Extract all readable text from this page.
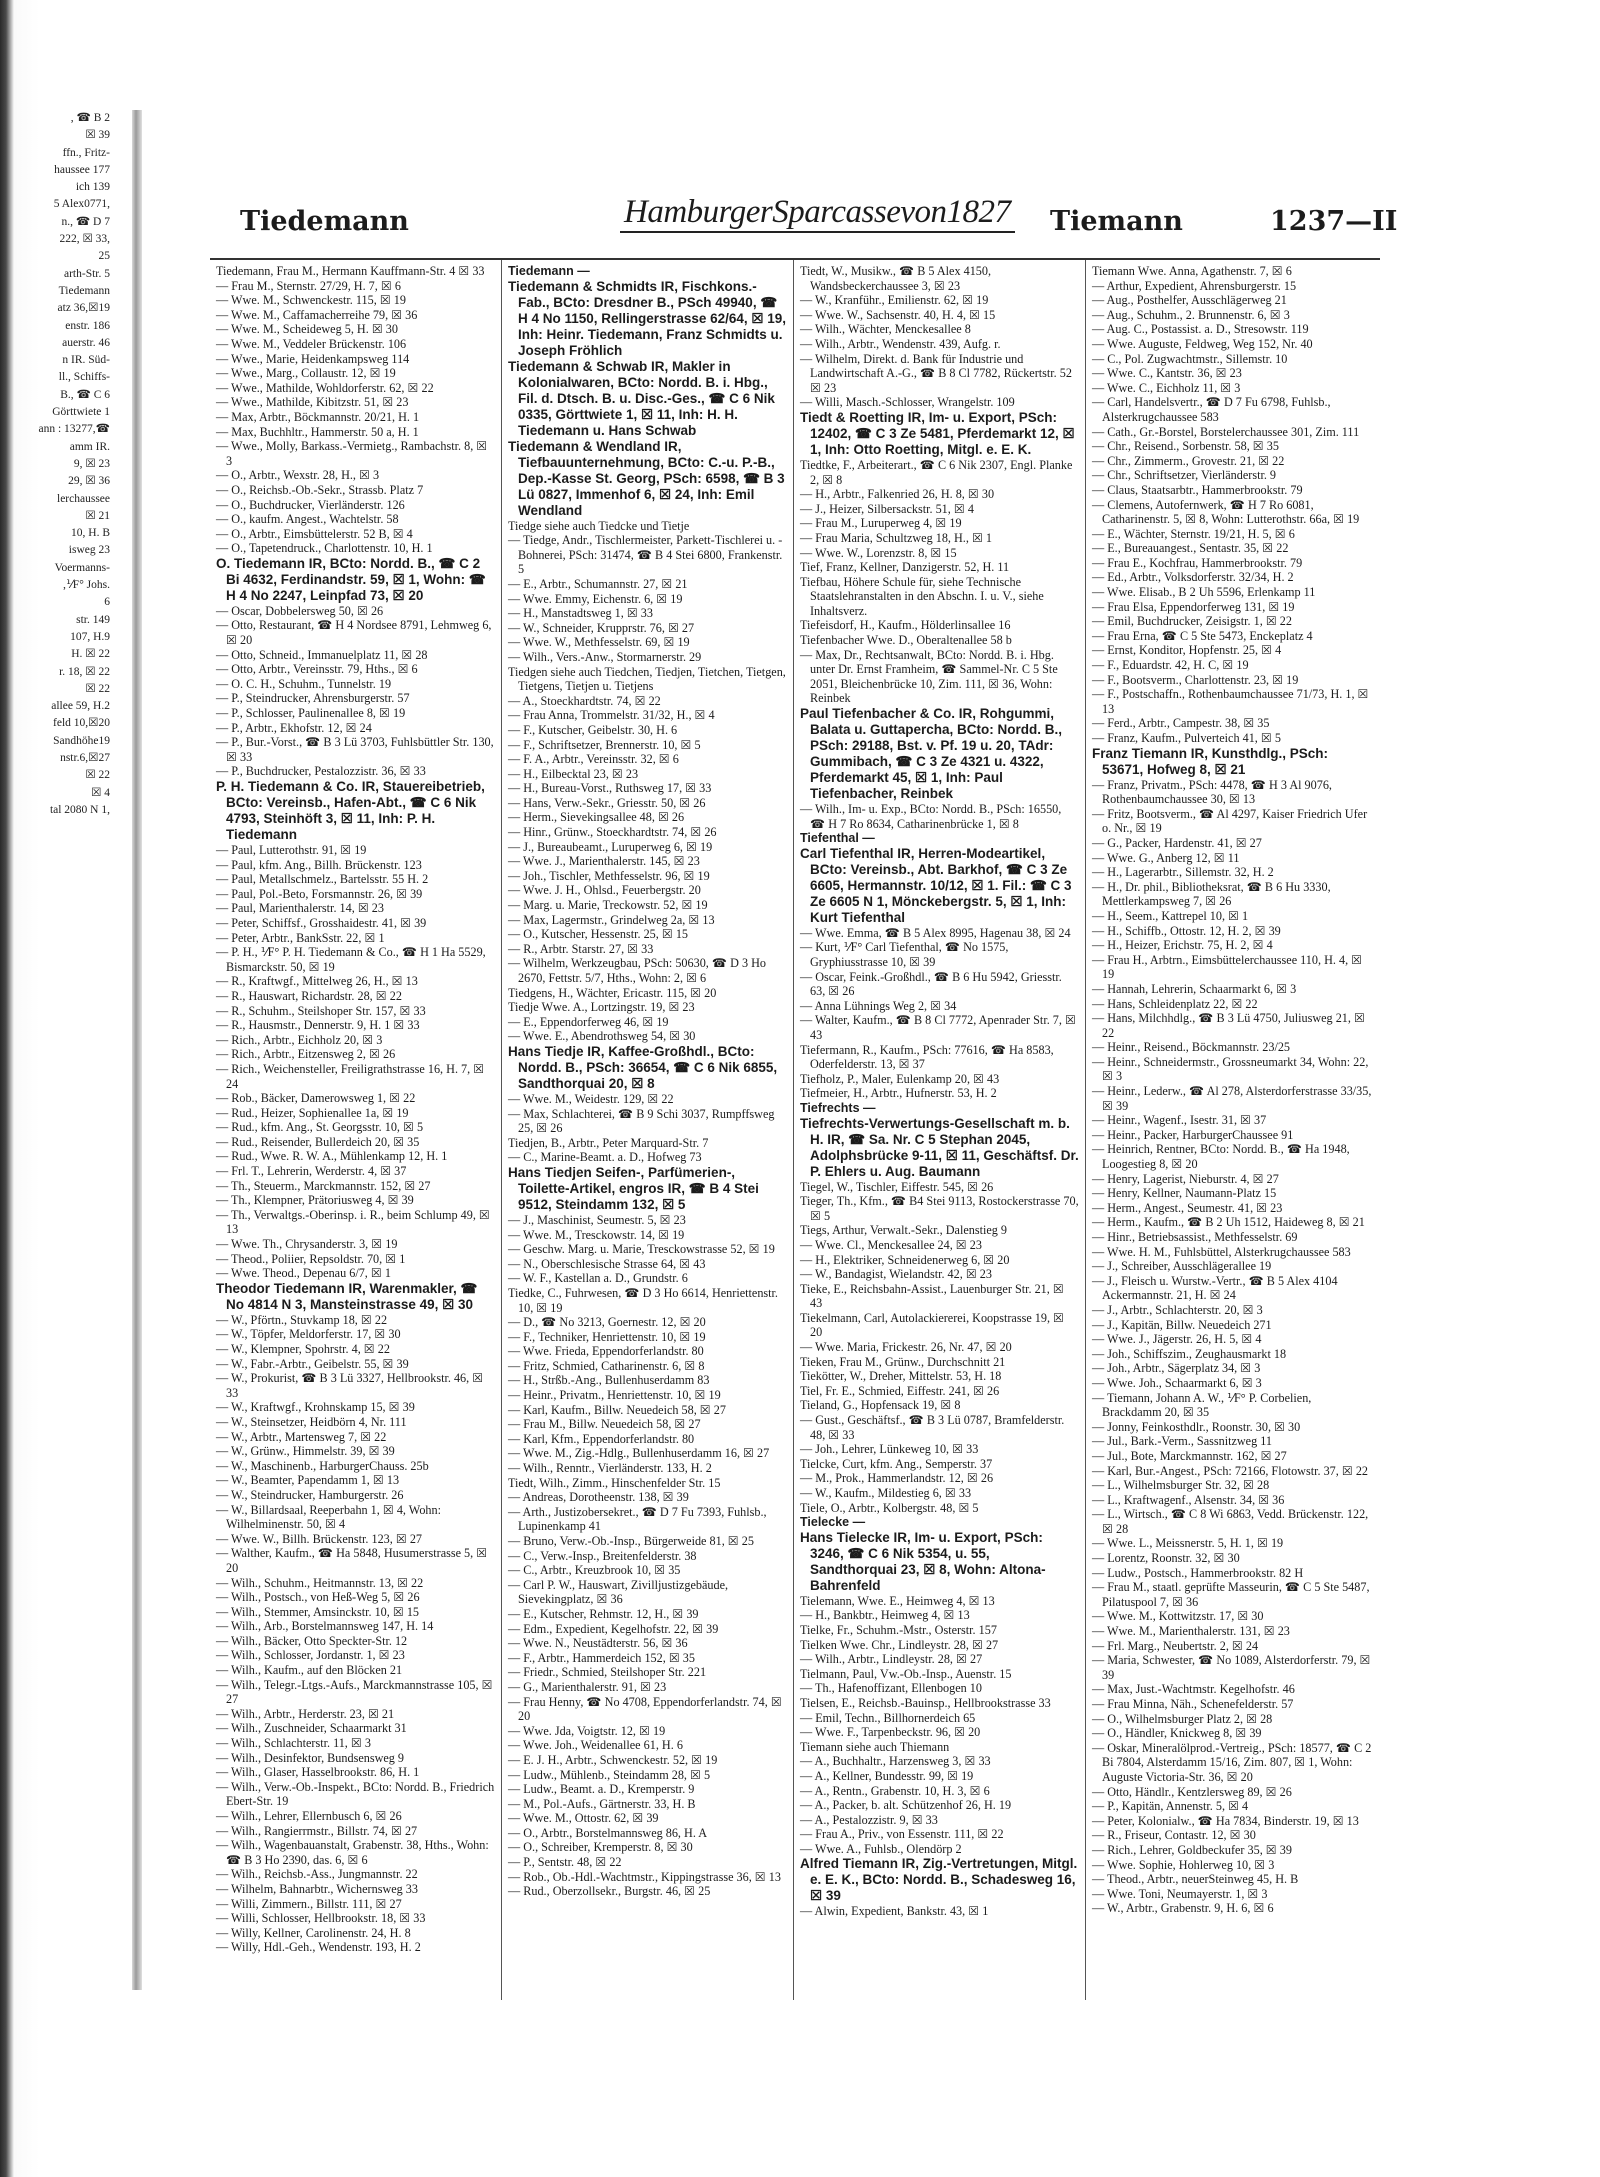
, ☎ B 2
☒ 39
ffn., Fritz-
haussee 177
ich 139
5 Alex0771,
n., ☎ D 7
222, ☒ 33,
25
arth-Str. 5
Tiedemann
atz 36,☒19
enstr. 186
auerstr. 46
n IR. Süd-
ll., Schiffs-
B., ☎ C 6
Görttwiete 1
ann : 13277,☎
amm IR.
9, ☒ 23
29, ☒ 36
lerchaussee
☒ 21
10, H. B
isweg 23
Voermanns-
‚⅟F° Johs.
6
str. 149
107, H.9
H. ☒ 22
r. 18, ☒ 22
☒ 22
allee 59, H.2
feld 10,☒20
Sandhöhe19
nstr.6,☒27
☒ 22
☒ 4
tal 2080 N 1,
Tiedemann	HamburgerSparcassevon1827 Tiemann	1237—II

Tiedemann, Frau M., Hermann Kauffmann-Str. 4 ☒ 33

— Frau M., Sternstr. 27/29, H. 7, ☒ 6

— Wwe. M., Schwenckestr. 115, ☒ 19

— Wwe. M., Caffamacherreihe 79, ☒ 36

— Wwe. M., Scheideweg 5, H. ☒ 30

— Wwe. M., Veddeler Brückenstr. 106

— Wwe., Marie, Heidenkampsweg 114

— Wwe., Marg., Collaustr. 12, ☒ 19

— Wwe., Mathilde, Wohldorferstr. 62, ☒ 22

— Wwe., Mathilde, Kibitzstr. 51, ☒ 23

— Max, Arbtr., Böckmannstr. 20/21, H. 1

— Max, Buchhltr., Hammerstr. 50 a, H. 1

— Wwe., Molly, Barkass.-Vermietg., Rambachstr. 8, ☒ 3

— O., Arbtr., Wexstr. 28, H., ☒ 3

— O., Reichsb.-Ob.-Sekr., Strassb. Platz 7

— O., Buchdrucker, Vierländerstr. 126

— O., kaufm. Angest., Wachtelstr. 58

— O., Arbtr., Eimsbüttelerstr. 52 B, ☒ 4

— O., Tapetendruck., Charlottenstr. 10, H. 1

O. Tiedemann IR, BCto: Nordd. B., ☎ C 2 Bi 4632, Ferdinandstr. 59, ☒ 1, Wohn: ☎ H 4 No 2247, Leinpfad 73, ☒ 20

— Oscar, Dobbelersweg 50, ☒ 26

— Otto, Restaurant, ☎ H 4 Nordsee 8791, Lehmweg 6, ☒ 20

— Otto, Schneid., Immanuelplatz 11, ☒ 28

— Otto, Arbtr., Vereinsstr. 79, Hths., ☒ 6

— O. C. H., Schuhm., Tunnelstr. 19

— P., Steindrucker, Ahrensburgerstr. 57

— P., Schlosser, Paulinenallee 8, ☒ 19

— P., Arbtr., Ekhofstr. 12, ☒ 24

— P., Bur.-Vorst., ☎ B 3 Lü 3703, Fuhlsbüttler Str. 130, ☒ 33

— P., Buchdrucker, Pestalozzistr. 36, ☒ 33

P. H. Tiedemann & Co. IR, Stauereibetrieb, BCto: Vereinsb., Hafen-Abt., ☎ C 6 Nik 4793, Steinhöft 3, ☒ 11, Inh: P. H. Tiedemann

— Paul, Lutterothstr. 91, ☒ 19

— Paul, kfm. Ang., Billh. Brückenstr. 123

— Paul, Metallschmelz., Bartelsstr. 55 H. 2

— Paul, Pol.-Beto, Forsmannstr. 26, ☒ 39

— Paul, Marienthalerstr. 14, ☒ 23

— Peter, Schiffsf., Grosshaidestr. 41, ☒ 39

— Peter, Arbtr., BankSstr. 22, ☒ 1

— P. H., ⅟F° P. H. Tiedemann & Co., ☎ H 1 Ha 5529, Bismarckstr. 50, ☒ 19

— R., Kraftwgf., Mittelweg 26, H., ☒ 13

— R., Hauswart, Richardstr. 28, ☒ 22

— R., Schuhm., Steilshoper Str. 157, ☒ 33

— R., Hausmstr., Dennerstr. 9, H. 1 ☒ 33

— Rich., Arbtr., Eichholz 20, ☒ 3

— Rich., Arbtr., Eitzensweg 2, ☒ 26

— Rich., Weichensteller, Freiligrathstrasse 16, H. 7, ☒ 24

— Rob., Bäcker, Damerowsweg 1, ☒ 22

— Rud., Heizer, Sophienallee 1a, ☒ 19

— Rud., kfm. Ang., St. Georgsstr. 10, ☒ 5

— Rud., Reisender, Bullerdeich 20, ☒ 35

— Rud., Wwe. R. W. A., Mühlenkamp 12, H. 1

— Frl. T., Lehrerin, Werderstr. 4, ☒ 37

— Th., Steuerm., Marckmannstr. 152, ☒ 27

— Th., Klempner, Prätoriusweg 4, ☒ 39

— Th., Verwaltgs.-Oberinsp. i. R., beim Schlump 49, ☒ 13

— Wwe. Th., Chrysanderstr. 3, ☒ 19

— Theod., Poliier, Repsoldstr. 70, ☒ 1

— Wwe. Theod., Depenau 6/7, ☒ 1

Theodor Tiedemann IR, Warenmakler, ☎ No 4814 N 3, Mansteinstrasse 49, ☒ 30

— W., Pförtn., Stuvkamp 18, ☒ 22

— W., Töpfer, Meldorferstr. 17, ☒ 30

— W., Klempner, Spohrstr. 4, ☒ 22

— W., Fabr.-Arbtr., Geibelstr. 55, ☒ 39

— W., Prokurist, ☎ B 3 Lü 3327, Hellbrookstr. 46, ☒ 33

— W., Kraftwgf., Krohnskamp 15, ☒ 39

— W., Steinsetzer, Heidbörn 4, Nr. 111

— W., Arbtr., Martensweg 7, ☒ 22

— W., Grünw., Himmelstr. 39, ☒ 39

— W., Maschinenb., HarburgerChauss. 25b

— W., Beamter, Papendamm 1, ☒ 13

— W., Steindrucker, Hamburgerstr. 26

— W., Billardsaal, Reeperbahn 1, ☒ 4, Wohn: Wilhelminenstr. 50, ☒ 4

— Wwe. W., Billh. Brückenstr. 123, ☒ 27

— Walther, Kaufm., ☎ Ha 5848, Husumerstrasse 5, ☒ 20

— Wilh., Schuhm., Heitmannstr. 13, ☒ 22

— Wilh., Postsch., von Heß-Weg 5, ☒ 26

— Wilh., Stemmer, Amsinckstr. 10, ☒ 15

— Wilh., Arb., Borstelmannsweg 147, H. 14

— Wilh., Bäcker, Otto Speckter-Str. 12

— Wilh., Schlosser, Jordanstr. 1, ☒ 23

— Wilh., Kaufm., auf den Blöcken 21

— Wilh., Telegr.-Ltgs.-Aufs., Marckmannstrasse 105, ☒ 27

— Wilh., Arbtr., Herderstr. 23, ☒ 21

— Wilh., Zuschneider, Schaarmarkt 31

— Wilh., Schlachterstr. 11, ☒ 3

— Wilh., Desinfektor, Bundsensweg 9

— Wilh., Glaser, Hasselbrookstr. 86, H. 1

— Wilh., Verw.-Ob.-Inspekt., BCto: Nordd. B., Friedrich Ebert-Str. 19

— Wilh., Lehrer, Ellernbusch 6, ☒ 26

— Wilh., Rangierrmstr., Billstr. 74, ☒ 27

— Wilh., Wagenbauanstalt, Grabenstr. 38, Hths., Wohn: ☎ B 3 Ho 2390, das. 6, ☒ 6

— Wilh., Reichsb.-Ass., Jungmannstr. 22

— Wilhelm, Bahnarbtr., Wichernsweg 33

— Willi, Zimmern., Billstr. 111, ☒ 27

— Willi, Schlosser, Hellbrookstr. 18, ☒ 33

— Willy, Kellner, Carolinenstr. 24, H. 8

— Willy, Hdl.-Geh., Wendenstr. 193, H. 2

Tiedemann —

Tiedemann & Schmidts IR, Fischkons.-Fab., BCto: Dresdner B., PSch 49940, ☎ H 4 No 1150, Rellingerstrasse 62/64, ☒ 19, Inh: Heinr. Tiedemann, Franz Schmidts u. Joseph Fröhlich

Tiedemann & Schwab IR, Makler in Kolonialwaren, BCto: Nordd. B. i. Hbg., Fil. d. Dtsch. B. u. Disc.-Ges., ☎ C 6 Nik 0335, Görttwiete 1, ☒ 11, Inh: H. H. Tiedemann u. Hans Schwab

Tiedemann & Wendland IR, Tiefbauunternehmung, BCto: C.-u. P.-B., Dep.-Kasse St. Georg, PSch: 6598, ☎ B 3 Lü 0827, Immenhof 6, ☒ 24, Inh: Emil Wendland

Tiedge siehe auch Tiedcke und Tietje

— Tiedge, Andr., Tischlermeister, Parkett-Tischlerei u. -Bohnerei, PSch: 31474, ☎ B 4 Stei 6800, Frankenstr. 5

— E., Arbtr., Schumannstr. 27, ☒ 21

— Wwe. Emmy, Eichenstr. 6, ☒ 19

— H., Manstadtsweg 1, ☒ 33

— W., Schneider, Krupprstr. 76, ☒ 27

— Wwe. W., Methfesselstr. 69, ☒ 19

— Wilh., Vers.-Anw., Stormarnerstr. 29

Tiedgen siehe auch Tiedchen, Tiedjen, Tietchen, Tietgen, Tietgens, Tietjen u. Tietjens

— A., Stoeckhardtstr. 74, ☒ 22

— Frau Anna, Trommelstr. 31/32, H., ☒ 4

— F., Kutscher, Geibelstr. 30, H. 6

— F., Schriftsetzer, Brennerstr. 10, ☒ 5

— F. A., Arbtr., Vereinsstr. 32, ☒ 6

— H., Eilbecktal 23, ☒ 23

— H., Bureau-Vorst., Ruthsweg 17, ☒ 33

— Hans, Verw.-Sekr., Griesstr. 50, ☒ 26

— Herm., Sievekingsallee 48, ☒ 26

— Hinr., Grünw., Stoeckhardtstr. 74, ☒ 26

— J., Bureaubeamt., Luruperweg 6, ☒ 19

— Wwe. J., Marienthalerstr. 145, ☒ 23

— Joh., Tischler, Methfesselstr. 96, ☒ 19

— Wwe. J. H., Ohlsd., Feuerbergstr. 20

— Marg. u. Marie, Treckowstr. 52, ☒ 19

— Max, Lagermstr., Grindelweg 2a, ☒ 13

— O., Kutscher, Hessenstr. 25, ☒ 15

— R., Arbtr. Starstr. 27, ☒ 33

— Wilhelm, Werkzeugbau, PSch: 50630, ☎ D 3 Ho 2670, Fettstr. 5/7, Hths., Wohn: 2, ☒ 6

Tiedgens, H., Wächter, Ericastr. 115, ☒ 20

Tiedje Wwe. A., Lortzingstr. 19, ☒ 23

— E., Eppendorferweg 46, ☒ 19

— Wwe. E., Abendrothsweg 54, ☒ 30

Hans Tiedje IR, Kaffee-Großhdl., BCto: Nordd. B., PSch: 36654, ☎ C 6 Nik 6855, Sandthorquai 20, ☒ 8

— Wwe. M., Weidestr. 129, ☒ 22

— Max, Schlachterei, ☎ B 9 Schi 3037, Rumpffsweg 25, ☒ 26

Tiedjen, B., Arbtr., Peter Marquard-Str. 7

— C., Marine-Beamt. a. D., Hofweg 73

Hans Tiedjen Seifen-, Parfümerien-, Toilette-Artikel, engros IR, ☎ B 4 Stei 9512, Steindamm 132, ☒ 5

— J., Maschinist, Seumestr. 5, ☒ 23

— Wwe. M., Tresckowstr. 14, ☒ 19

— Geschw. Marg. u. Marie, Tresckowstrasse 52, ☒ 19

— N., Oberschlesische Strasse 64, ☒ 43

— W. F., Kastellan a. D., Grundstr. 6

Tiedke, C., Fuhrwesen, ☎ D 3 Ho 6614, Henriettenstr. 10, ☒ 19

— D., ☎ No 3213, Goernestr. 12, ☒ 20

— F., Techniker, Henriettenstr. 10, ☒ 19

— Wwe. Frieda, Eppendorferlandstr. 80

— Fritz, Schmied, Catharinenstr. 6, ☒ 8

— H., Strßb.-Ang., Bullenhuserdamm 83

— Heinr., Privatm., Henriettenstr. 10, ☒ 19

— Karl, Kaufm., Billw. Neuedeich 58, ☒ 27

— Frau M., Billw. Neuedeich 58, ☒ 27

— Karl, Kfm., Eppendorferlandstr. 80

— Wwe. M., Zig.-Hdlg., Bullenhuserdamm 16, ☒ 27

— Wilh., Renntr., Vierländerstr. 133, H. 2

Tiedt, Wilh., Zimm., Hinschenfelder Str. 15

— Andreas, Dorotheenstr. 138, ☒ 39

— Arth., Justizobersekret., ☎ D 7 Fu 7393, Fuhlsb., Lupinenkamp 41

— Bruno, Verw.-Ob.-Insp., Bürgerweide 81, ☒ 25

— C., Verw.-Insp., Breitenfelderstr. 38

— C., Arbtr., Kreuzbrook 10, ☒ 35

— Carl P. W., Hauswart, Zivilljustizgebäude, Sievekingplatz, ☒ 36

— E., Kutscher, Rehmstr. 12, H., ☒ 39

— Edm., Expedient, Kegelhofstr. 22, ☒ 39

— Wwe. N., Neustädterstr. 56, ☒ 36

— F., Arbtr., Hammerdeich 152, ☒ 35

— Friedr., Schmied, Steilshoper Str. 221

— G., Marienthalerstr. 91, ☒ 23

— Frau Henny, ☎ No 4708, Eppendorferlandstr. 74, ☒ 20

— Wwe. Jda, Voigtstr. 12, ☒ 19

— Wwe. Joh., Weidenallee 61, H. 6

— E. J. H., Arbtr., Schwenckestr. 52, ☒ 19

— Ludw., Mühlenb., Steindamm 28, ☒ 5

— Ludw., Beamt. a. D., Kremperstr. 9

— M., Pol.-Aufs., Gärtnerstr. 33, H. B

— Wwe. M., Ottostr. 62, ☒ 39

— O., Arbtr., Borstelmannsweg 86, H. A

— O., Schreiber, Kremperstr. 8, ☒ 30

— P., Sentstr. 48, ☒ 22

— Rob., Ob.-Hdl.-Wachtmstr., Kippingstrasse 36, ☒ 13

— Rud., Oberzollsekr., Burgstr. 46, ☒ 25

Tiedt, W., Musikw., ☎ B 5 Alex 4150, Wandsbeckerchaussee 3, ☒ 23

— W., Kranführ., Emilienstr. 62, ☒ 19

— Wwe. W., Sachsenstr. 40, H. 4, ☒ 15

— Wilh., Wächter, Menckesallee 8

— Wilh., Arbtr., Wendenstr. 439, Aufg. r.

— Wilhelm, Direkt. d. Bank für Industrie und Landwirtschaft A.-G., ☎ B 8 Cl 7782, Rückertstr. 52 ☒ 23

— Willi, Masch.-Schlosser, Wrangelstr. 109

Tiedt & Roetting IR, Im- u. Export, PSch: 12402, ☎ C 3 Ze 5481, Pferdemarkt 12, ☒ 1, Inh: Otto Roetting, Mitgl. e. E. K.

Tiedtke, F., Arbeiterart., ☎ C 6 Nik 2307, Engl. Planke 2, ☒ 8

— H., Arbtr., Falkenried 26, H. 8, ☒ 30

— J., Heizer, Silbersackstr. 51, ☒ 4

— Frau M., Luruperweg 4, ☒ 19

— Frau Maria, Schultzweg 18, H., ☒ 1

— Wwe. W., Lorenzstr. 8, ☒ 15

Tief, Franz, Kellner, Danzigerstr. 52, H. 11

Tiefbau, Höhere Schule für, siehe Technische Staatslehranstalten in den Abschn. I. u. V., siehe Inhaltsverz.

Tiefeisdorf, H., Kaufm., Hölderlinsallee 16

Tiefenbacher Wwe. D., Oberaltenallee 58 b

— Max, Dr., Rechtsanwalt, BCto: Nordd. B. i. Hbg. unter Dr. Ernst Framheim, ☎ Sammel-Nr. C 5 Ste 2051, Bleichenbrücke 10, Zim. 111, ☒ 36, Wohn: Reinbek

Paul Tiefenbacher & Co. IR, Rohgummi, Balata u. Guttapercha, BCto: Nordd. B., PSch: 29188, Bst. v. Pf. 19 u. 20, TAdr: Gummibach, ☎ C 3 Ze 4321 u. 4322, Pferdemarkt 45, ☒ 1, Inh: Paul Tiefenbacher, Reinbek

— Wilh., Im- u. Exp., BCto: Nordd. B., PSch: 16550, ☎ H 7 Ro 8634, Catharinenbrücke 1, ☒ 8

Tiefenthal —

Carl Tiefenthal IR, Herren-Modeartikel, BCto: Vereinsb., Abt. Barkhof, ☎ C 3 Ze 6605, Hermannstr. 10/12, ☒ 1. Fil.: ☎ C 3 Ze 6605 N 1, Mönckebergstr. 5, ☒ 1, Inh: Kurt Tiefenthal

— Wwe. Emma, ☎ B 5 Alex 8995, Hagenau 38, ☒ 24

— Kurt, ⅟F° Carl Tiefenthal, ☎ No 1575, Gryphiusstrasse 10, ☒ 39

— Oscar, Feink.-Großhdl., ☎ B 6 Hu 5942, Griesstr. 63, ☒ 26

— Anna Lühnings Weg 2, ☒ 34

— Walter, Kaufm., ☎ B 8 Cl 7772, Apenrader Str. 7, ☒ 43

Tiefermann, R., Kaufm., PSch: 77616, ☎ Ha 8583, Oderfelderstr. 13, ☒ 37

Tiefholz, P., Maler, Eulenkamp 20, ☒ 43

Tiefmeier, H., Arbtr., Hufnerstr. 53, H. 2

Tiefrechts —

Tiefrechts-Verwertungs-Gesellschaft m. b. H. IR, ☎ Sa. Nr. C 5 Stephan 2045, Adolphsbrücke 9-11, ☒ 11, Geschäftsf. Dr. P. Ehlers u. Aug. Baumann

Tiegel, W., Tischler, Eiffestr. 545, ☒ 26

Tieger, Th., Kfm., ☎ B4 Stei 9113, Rostockerstrasse 70, ☒ 5

Tiegs, Arthur, Verwalt.-Sekr., Dalenstieg 9

— Wwe. Cl., Menckesallee 24, ☒ 23

— H., Elektriker, Schneidenerweg 6, ☒ 20

— W., Bandagist, Wielandstr. 42, ☒ 23

Tieke, E., Reichsbahn-Assist., Lauenburger Str. 21, ☒ 43

Tiekelmann, Carl, Autolackiererei, Koopstrasse 19, ☒ 20

— Wwe. Maria, Frickestr. 26, Nr. 47, ☒ 20

Tieken, Frau M., Grünw., Durchschnitt 21

Tiekötter, W., Dreher, Mittelstr. 53, H. 18

Tiel, Fr. E., Schmied, Eiffestr. 241, ☒ 26

Tieland, G., Hopfensack 19, ☒ 8

— Gust., Geschäftsf., ☎ B 3 Lü 0787, Bramfelderstr. 48, ☒ 33

— Joh., Lehrer, Lünkeweg 10, ☒ 33

Tielcke, Curt, kfm. Ang., Semperstr. 37

— M., Prok., Hammerlandstr. 12, ☒ 26

— W., Kaufm., Mildestieg 6, ☒ 33

Tiele, O., Arbtr., Kolbergstr. 48, ☒ 5

Tielecke —

Hans Tielecke IR, Im- u. Export, PSch: 3246, ☎ C 6 Nik 5354, u. 55, Sandthorquai 23, ☒ 8, Wohn: Altona-Bahrenfeld

Tielemann, Wwe. E., Heimweg 4, ☒ 13

— H., Bankbtr., Heimweg 4, ☒ 13

Tielke, Fr., Schuhm.-Mstr., Osterstr. 157

Tielken Wwe. Chr., Lindleystr. 28, ☒ 27

— Wilh., Arbtr., Lindleystr. 28, ☒ 27

Tielmann, Paul, Vw.-Ob.-Insp., Auenstr. 15

— Th., Hafenoffizant, Ellenbogen 10

Tielsen, E., Reichsb.-Bauinsp., Hellbrookstrasse 33

— Emil, Techn., Billhornerdeich 65

— Wwe. F., Tarpenbeckstr. 96, ☒ 20

Tiemann siehe auch Thiemann

— A., Buchhaltr., Harzensweg 3, ☒ 33

— A., Kellner, Bundesstr. 99, ☒ 19

— A., Rentn., Grabenstr. 10, H. 3, ☒ 6

— A., Packer, b. alt. Schützenhof 26, H. 19

— A., Pestalozzistr. 9, ☒ 33

— Frau A., Priv., von Essenstr. 111, ☒ 22

— Wwe. A., Fuhlsb., Olendörp 2

Alfred Tiemann IR, Zig.-Vertretungen, Mitgl. e. E. K., BCto: Nordd. B., Schadesweg 16, ☒ 39

— Alwin, Expedient, Bankstr. 43, ☒ 1

Tiemann Wwe. Anna, Agathenstr. 7, ☒ 6

— Arthur, Expedient, Ahrensburgerstr. 15

— Aug., Posthelfer, Ausschlägerweg 21

— Aug., Schuhm., 2. Brunnenstr. 6, ☒ 3

— Aug. C., Postassist. a. D., Stresowstr. 119

— Wwe. Auguste, Feldweg, Weg 152, Nr. 40

— C., Pol. Zugwachtmstr., Sillemstr. 10

— Wwe. C., Kantstr. 36, ☒ 23

— Wwe. C., Eichholz 11, ☒ 3

— Carl, Handelsvertr., ☎ D 7 Fu 6798, Fuhlsb., Alsterkrugchaussee 583

— Cath., Gr.-Borstel, Borstelerchaussee 301, Zim. 111

— Chr., Reisend., Sorbenstr. 58, ☒ 35

— Chr., Zimmerm., Grovestr. 21, ☒ 22

— Chr., Schriftsetzer, Vierländerstr. 9

— Claus, Staatsarbtr., Hammerbrookstr. 79

— Clemens, Autofernwerk, ☎ H 7 Ro 6081, Catharinenstr. 5, ☒ 8, Wohn: Lutterothstr. 66a, ☒ 19

— E., Wächter, Sternstr. 19/21, H. 5, ☒ 6

— E., Bureauangest., Sentastr. 35, ☒ 22

— Frau E., Kochfrau, Hammerbrookstr. 79

— Ed., Arbtr., Volksdorferstr. 32/34, H. 2

— Wwe. Elisab., B 2 Uh 5596, Erlenkamp 11

— Frau Elsa, Eppendorferweg 131, ☒ 19

— Emil, Buchdrucker, Zeisigstr. 1, ☒ 22

— Frau Erna, ☎ C 5 Ste 5473, Enckeplatz 4

— Ernst, Konditor, Hopfenstr. 25, ☒ 4

— F., Eduardstr. 42, H. C, ☒ 19

— F., Bootsverm., Charlottenstr. 23, ☒ 19

— F., Postschaffn., Rothenbaumchaussee 71/73, H. 1, ☒ 13

— Ferd., Arbtr., Campestr. 38, ☒ 35

— Franz, Kaufm., Pulverteich 41, ☒ 5

Franz Tiemann IR, Kunsthdlg., PSch: 53671, Hofweg 8, ☒ 21

— Franz, Privatm., PSch: 4478, ☎ H 3 Al 9076, Rothenbaumchaussee 30, ☒ 13

— Fritz, Bootsverm., ☎ Al 4297, Kaiser Friedrich Ufer o. Nr., ☒ 19

— G., Packer, Hardenstr. 41, ☒ 27

— Wwe. G., Anberg 12, ☒ 11

— H., Lagerarbtr., Sillemstr. 32, H. 2

— H., Dr. phil., Bibliotheksrat, ☎ B 6 Hu 3330, Mettlerkampsweg 7, ☒ 26

— H., Seem., Kattrepel 10, ☒ 1

— H., Schiffb., Ottostr. 12, H. 2, ☒ 39

— H., Heizer, Erichstr. 75, H. 2, ☒ 4

— Frau H., Arbtrn., Eimsbüttelerchaussee 110, H. 4, ☒ 19

— Hannah, Lehrerin, Schaarmarkt 6, ☒ 3

— Hans, Schleidenplatz 22, ☒ 22

— Hans, Milchhdlg., ☎ B 3 Lü 4750, Juliusweg 21, ☒ 22

— Heinr., Reisend., Böckmannstr. 23/25

— Heinr., Schneidermstr., Grossneumarkt 34, Wohn: 22, ☒ 3

— Heinr., Lederw., ☎ Al 278, Alsterdorferstrasse 33/35, ☒ 39

— Heinr., Wagenf., Isestr. 31, ☒ 37

— Heinr., Packer, HarburgerChaussee 91

— Heinrich, Rentner, BCto: Nordd. B., ☎ Ha 1948, Loogestieg 8, ☒ 20

— Henry, Lagerist, Nieburstr. 4, ☒ 27

— Henry, Kellner, Naumann-Platz 15

— Herm., Angest., Seumestr. 41, ☒ 23

— Herm., Kaufm., ☎ B 2 Uh 1512, Haideweg 8, ☒ 21

— Hinr., Betriebsassist., Methfesselstr. 69

— Wwe. H. M., Fuhlsbüttel, Alsterkrugchaussee 583

— J., Schreiber, Ausschlägerallee 19

— J., Fleisch u. Wurstw.-Vertr., ☎ B 5 Alex 4104 Ackermannstr. 21, H. ☒ 24

— J., Arbtr., Schlachterstr. 20, ☒ 3

— J., Kapitän, Billw. Neuedeich 271

— Wwe. J., Jägerstr. 26, H. 5, ☒ 4

— Joh., Schiffszim., Zeughausmarkt 18

— Joh., Arbtr., Sägerplatz 34, ☒ 3

— Wwe. Joh., Schaarmarkt 6, ☒ 3

— Tiemann, Johann A. W., ⅟F° P. Corbelien, Brackdamm 20, ☒ 35

— Jonny, Feinkosthdlr., Roonstr. 30, ☒ 30

— Jul., Bark.-Verm., Sassnitzweg 11

— Jul., Bote, Marckmannstr. 162, ☒ 27

— Karl, Bur.-Angest., PSch: 72166, Flotowstr. 37, ☒ 22

— L., Wilhelmsburger Str. 32, ☒ 28

— L., Kraftwagenf., Alsenstr. 34, ☒ 36

— L., Wirtsch., ☎ C 8 Wi 6863, Vedd. Brückenstr. 122, ☒ 28

— Wwe. L., Meissnerstr. 5, H. 1, ☒ 19

— Lorentz, Roonstr. 32, ☒ 30

— Ludw., Postsch., Hammerbrookstr. 82 H

— Frau M., staatl. geprüfte Masseurin, ☎ C 5 Ste 5487, Pilatuspool 7, ☒ 36

— Wwe. M., Kottwitzstr. 17, ☒ 30

— Wwe. M., Marienthalerstr. 131, ☒ 23

— Frl. Marg., Neubertstr. 2, ☒ 24

— Maria, Schwester, ☎ No 1089, Alsterdorferstr. 79, ☒ 39

— Max, Just.-Wachtmstr. Kegelhofstr. 46

— Frau Minna, Näh., Schenefelderstr. 57

— O., Wilhelmsburger Platz 2, ☒ 28

— O., Händler, Knickweg 8, ☒ 39

— Oskar, Mineralölprod.-Vertreig., PSch: 18577, ☎ C 2 Bi 7804, Alsterdamm 15/16, Zim. 807, ☒ 1, Wohn: Auguste Victoria-Str. 36, ☒ 20

— Otto, Händlr., Kentzlersweg 89, ☒ 26

— P., Kapitän, Annenstr. 5, ☒ 4

— Peter, Kolonialw., ☎ Ha 7834, Binderstr. 19, ☒ 13

— R., Friseur, Contastr. 12, ☒ 30

— Rich., Lehrer, Goldbeckufer 35, ☒ 39

— Wwe. Sophie, Hohlerweg 10, ☒ 3

— Theod., Arbtr., neuerSteinweg 45, H. B

— Wwe. Toni, Neumayerstr. 1, ☒ 3

— W., Arbtr., Grabenstr. 9, H. 6, ☒ 6
